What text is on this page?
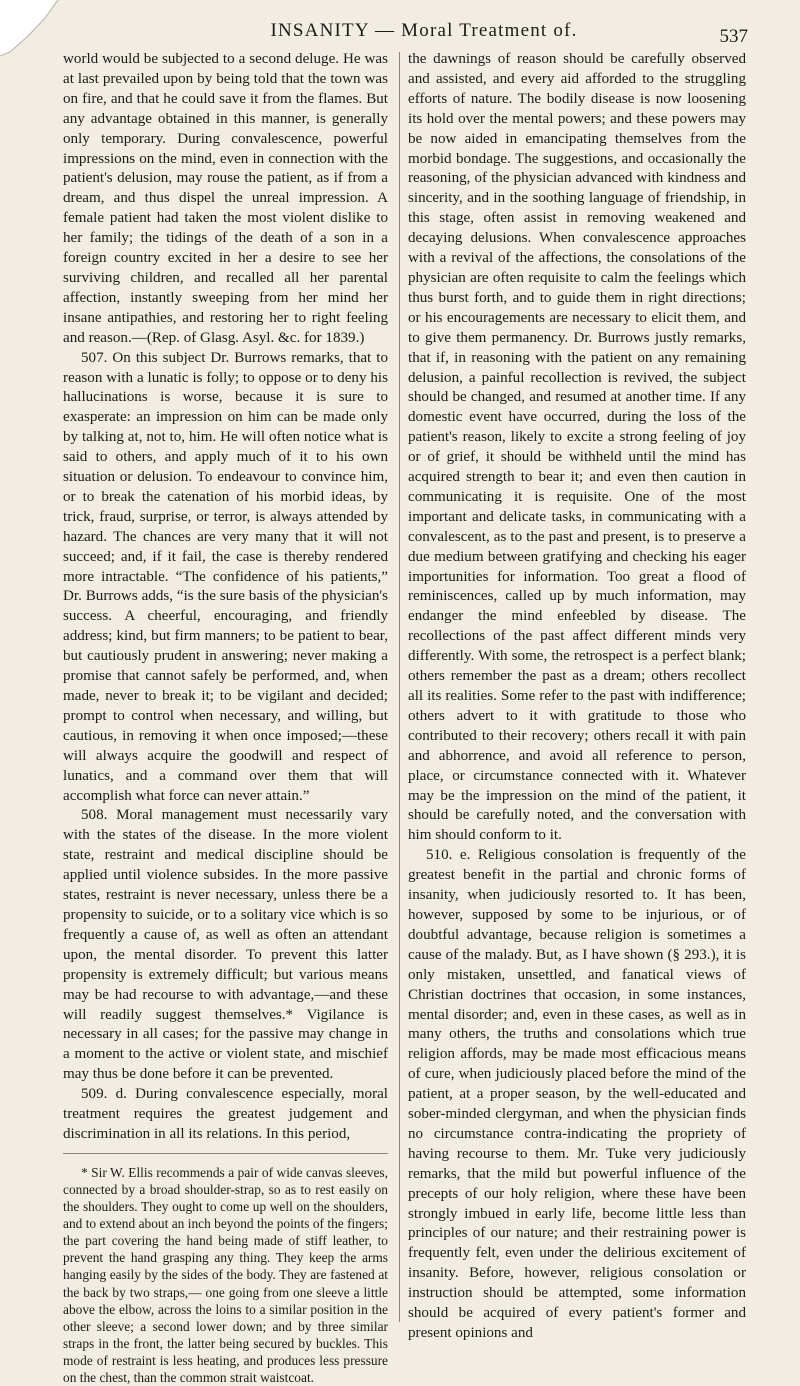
INSANITY — Moral Treatment of.	537

world would be subjected to a second deluge. He was at last prevailed upon by being told that the town was on fire, and that he could save it from the flames. But any advantage obtained in this manner, is generally only temporary. During convalescence, powerful impressions on the mind, even in connection with the patient's delusion, may rouse the patient, as if from a dream, and thus dispel the unreal impression. A female patient had taken the most violent dislike to her family; the tidings of the death of a son in a foreign country excited in her a desire to see her surviving children, and recalled all her parental affection, instantly sweeping from her mind her insane antipathies, and restoring her to right feeling and reason.—(Rep. of Glasg. Asyl. &c. for 1839.)

507. On this subject Dr. Burrows remarks, that to reason with a lunatic is folly; to oppose or to deny his hallucinations is worse, because it is sure to exasperate: an impression on him can be made only by talking at, not to, him. He will often notice what is said to others, and apply much of it to his own situation or delusion. To endeavour to convince him, or to break the catenation of his morbid ideas, by trick, fraud, surprise, or terror, is always attended by hazard. The chances are very many that it will not succeed; and, if it fail, the case is thereby rendered more intractable. “The confidence of his patients,” Dr. Burrows adds, “is the sure basis of the physician's success. A cheerful, encouraging, and friendly address; kind, but firm manners; to be patient to bear, but cautiously prudent in answering; never making a promise that cannot safely be performed, and, when made, never to break it; to be vigilant and decided; prompt to control when necessary, and willing, but cautious, in removing it when once imposed;—these will always acquire the goodwill and respect of lunatics, and a command over them that will accomplish what force can never attain.”

508. Moral management must necessarily vary with the states of the disease. In the more violent state, restraint and medical discipline should be applied until violence subsides. In the more passive states, restraint is never necessary, unless there be a propensity to suicide, or to a solitary vice which is so frequently a cause of, as well as often an attendant upon, the mental disorder. To prevent this latter propensity is extremely difficult; but various means may be had recourse to with advantage,—and these will readily suggest themselves.* Vigilance is necessary in all cases; for the passive may change in a moment to the active or violent state, and mischief may thus be done before it can be prevented.

509. d. During convalescence especially, moral treatment requires the greatest judgement and discrimination in all its relations. In this period,

* Sir W. Ellis recommends a pair of wide canvas sleeves, connected by a broad shoulder-strap, so as to rest easily on the shoulders. They ought to come up well on the shoulders, and to extend about an inch beyond the points of the fingers; the part covering the hand being made of stiff leather, to prevent the hand grasping any thing. They keep the arms hanging easily by the sides of the body. They are fastened at the back by two straps,— one going from one sleeve a little above the elbow, across the loins to a similar position in the other sleeve; a second lower down; and by three similar straps in the front, the latter being secured by buckles. This mode of restraint is less heating, and produces less pressure on the chest, than the common strait waistcoat.

the dawnings of reason should be carefully observed and assisted, and every aid afforded to the struggling efforts of nature. The bodily disease is now loosening its hold over the mental powers; and these powers may be now aided in emancipating themselves from the morbid bondage. The suggestions, and occasionally the reasoning, of the physician advanced with kindness and sincerity, and in the soothing language of friendship, in this stage, often assist in removing weakened and decaying delusions. When convalescence approaches with a revival of the affections, the consolations of the physician are often requisite to calm the feelings which thus burst forth, and to guide them in right directions; or his encouragements are necessary to elicit them, and to give them permanency. Dr. Burrows justly remarks, that if, in reasoning with the patient on any remaining delusion, a painful recollection is revived, the subject should be changed, and resumed at another time. If any domestic event have occurred, during the loss of the patient's reason, likely to excite a strong feeling of joy or of grief, it should be withheld until the mind has acquired strength to bear it; and even then caution in communicating it is requisite. One of the most important and delicate tasks, in communicating with a convalescent, as to the past and present, is to preserve a due medium between gratifying and checking his eager importunities for information. Too great a flood of reminiscences, called up by much information, may endanger the mind enfeebled by disease. The recollections of the past affect different minds very differently. With some, the retrospect is a perfect blank; others remember the past as a dream; others recollect all its realities. Some refer to the past with indifference; others advert to it with gratitude to those who contributed to their recovery; others recall it with pain and abhorrence, and avoid all reference to person, place, or circumstance connected with it. Whatever may be the impression on the mind of the patient, it should be carefully noted, and the conversation with him should conform to it.

510. e. Religious consolation is frequently of the greatest benefit in the partial and chronic forms of insanity, when judiciously resorted to. It has been, however, supposed by some to be injurious, or of doubtful advantage, because religion is sometimes a cause of the malady. But, as I have shown (§ 293.), it is only mistaken, unsettled, and fanatical views of Christian doctrines that occasion, in some instances, mental disorder; and, even in these cases, as well as in many others, the truths and consolations which true religion affords, may be made most efficacious means of cure, when judiciously placed before the mind of the patient, at a proper season, by the well-educated and sober-minded clergyman, and when the physician finds no circumstance contra-indicating the propriety of having recourse to them. Mr. Tuke very judiciously remarks, that the mild but powerful influence of the precepts of our holy religion, where these have been strongly imbued in early life, become little less than principles of our nature; and their restraining power is frequently felt, even under the delirious excitement of insanity. Before, however, religious consolation or instruction should be attempted, some information should be acquired of every patient's former and present opinions and
